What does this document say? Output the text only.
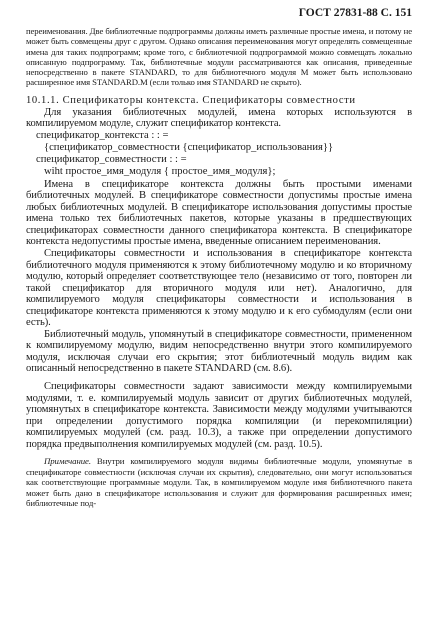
ГОСТ 27831-88 С. 151

переименования. Две библиотечные подпрограммы должны иметь различные простые имена, и потому не может быть совмещены друг с другом. Однако описания переименования могут определять совмещенные имена для таких подпрограмм; кроме того, с библиотечной подпрограммой можно совмещать локально описанную подпрограмму. Так, библиотечные модули рассматриваются как описания, приведенные непосредственно в пакете STANDARD, то для библиотечного модуля М может быть использовано расширенное имя STANDARD.M (если только имя STANDARD не скрыто).

10.1.1. Спецификаторы контекста. Спецификаторы совместности

Для указания библиотечных модулей, имена которых используются в компилируемом модуле, служит спецификатор контекста.

спецификатор_контекста : : =
{спецификатор_совместности {спецификатор_использования}}
спецификатор_совместности : : =
wiht простое_имя_модуля { простое_имя_модуля};

Имена в спецификаторе контекста должны быть простыми именами библиотечных модулей. В спецификаторе совместности допустимы простые имена любых библиотечных модулей. В спецификаторе использования допустимы простые имена только тех библиотечных пакетов, которые указаны в предшествующих спецификаторах совместности данного спецификатора контекста. В спецификаторе контекста недопустимы простые имена, введенные описанием переименования.

Спецификаторы совместности и использования в спецификаторе контекста библиотечного модуля применяются к этому библиотечному модулю и ко вторичному модулю, который определяет соответствующее тело (независимо от того, повторен ли такой спецификатор для вторичного модуля или нет). Аналогично, для компилируемого модуля спецификаторы совместности и использования в спецификаторе контекста применяются к этому модулю и к его субмодулям (если они есть).

Библиотечный модуль, упомянутый в спецификаторе совместности, примененном к компилируемому модулю, видим непосредственно внутри этого компилируемого модуля, исключая случаи его скрытия; этот библиотечный модуль видим как описанный непосредственно в пакете STANDARD (см. 8.6).

Спецификаторы совместности задают зависимости между компилируемыми модулями, т. е. компилируемый модуль зависит от других библиотечных модулей, упомянутых в спецификаторе контекста. Зависимости между модулями учитываются при определении допустимого порядка компиляции (и перекомпиляции) компилируемых модулей (см. разд. 10.3), а также при определении допустимого порядка предвыполнения компилируемых модулей (см. разд. 10.5).

Примечание. Внутри компилируемого модуля видимы библиотечные модули, упомянутые в спецификаторе совместности (исключая случаи их скрытия), следовательно, они могут использоваться как соответствующие программные модули. Так, в компилируемом модуле имя библиотечного пакета может быть дано в спецификаторе использования и служит для формирования расширенных имен; библиотечные под-
